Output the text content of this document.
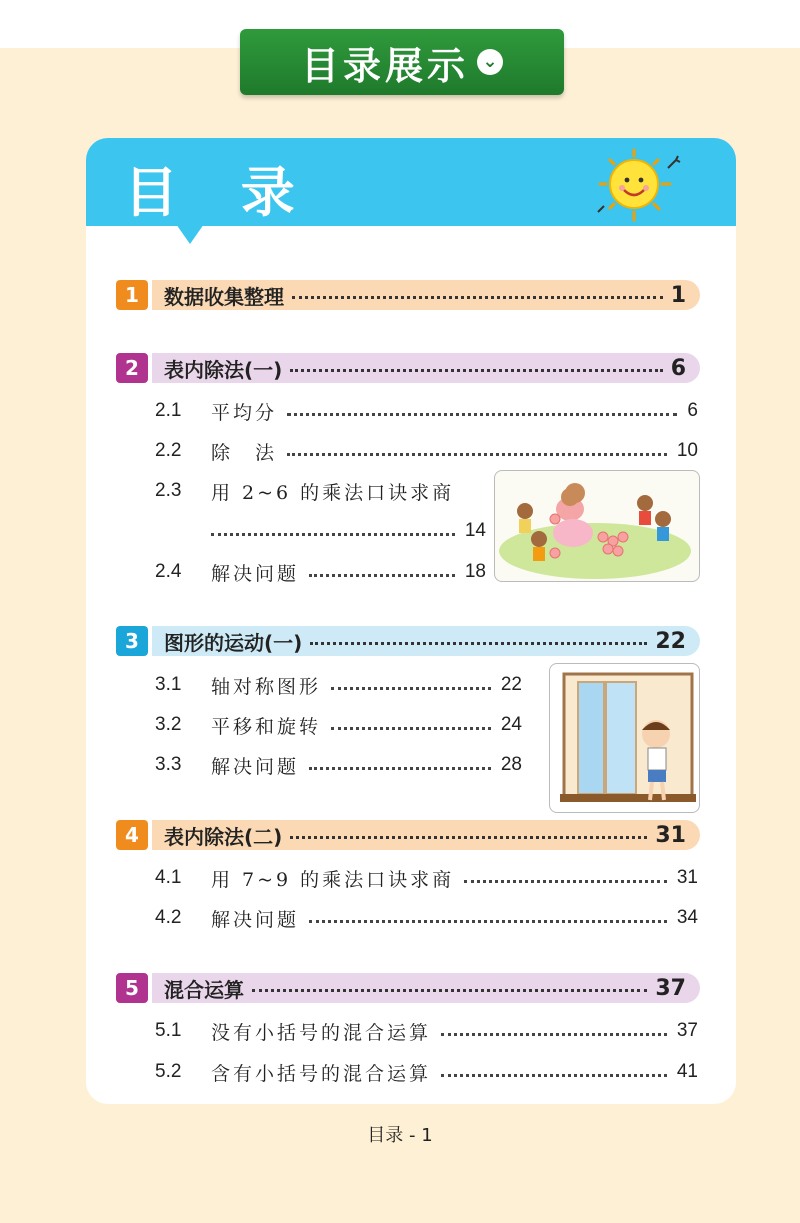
目录展示 ⌄
目 录
1	数据收集整理	1
2	表内除法(一)	6
2.1	平均分	6
2.2	除　法	10
2.3	用 2~6 的乘法口诀求商
14
2.4	解决问题	18
3	图形的运动(一)	22
3.1	轴对称图形	22
3.2	平移和旋转	24
3.3	解决问题	28
4	表内除法(二)	31
4.1	用 7~9 的乘法口诀求商	31
4.2	解决问题	34
5	混合运算	37
5.1	没有小括号的混合运算	37
5.2	含有小括号的混合运算	41
目录 - 1
